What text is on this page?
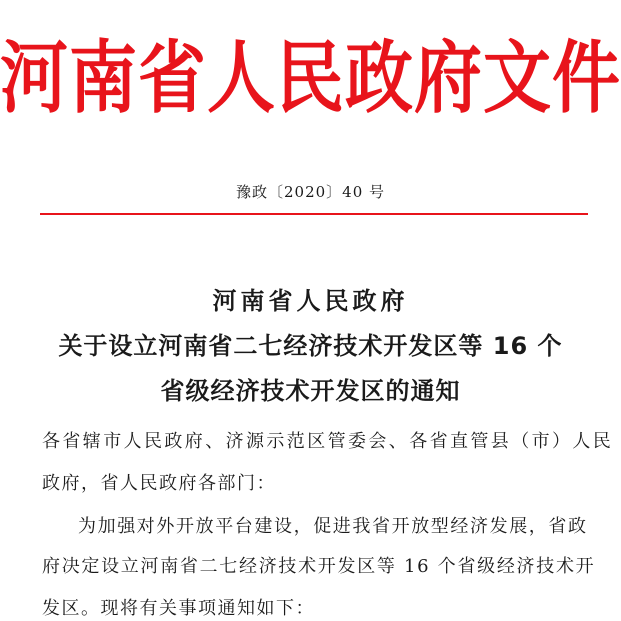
河南省人民政府文件
豫政〔2020〕40 号
河南省人民政府
关于设立河南省二七经济技术开发区等 16 个
省级经济技术开发区的通知
各省辖市人民政府、济源示范区管委会、各省直管县（市）人民
政府，省人民政府各部门：
为加强对外开放平台建设，促进我省开放型经济发展，省政
府决定设立河南省二七经济技术开发区等 16 个省级经济技术开
发区。现将有关事项通知如下：
